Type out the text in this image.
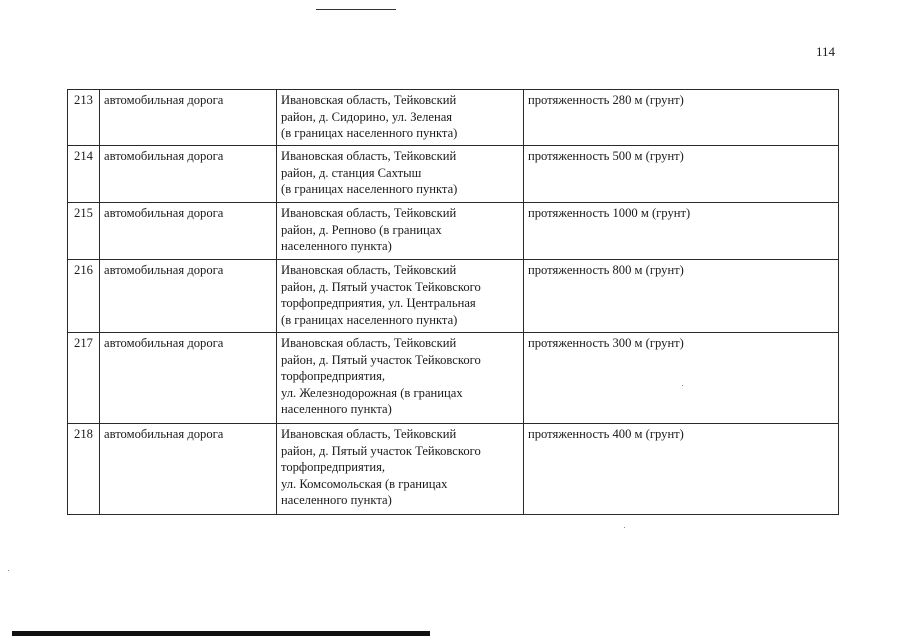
114
213	автомобильная дорога	Ивановская область, Тейковский
район, д. Сидорино, ул. Зеленая
(в границах населенного пункта)	протяженность 280 м (грунт)
214	автомобильная дорога	Ивановская область, Тейковский
район, д. станция Сахтыш
(в границах населенного пункта)	протяженность 500 м (грунт)
215	автомобильная дорога	Ивановская область, Тейковский
район, д. Репново (в границах
населенного пункта)	протяженность 1000 м (грунт)
216	автомобильная дорога	Ивановская область, Тейковский
район, д. Пятый участок Тейковского
торфопредприятия, ул. Центральная
(в границах населенного пункта)	протяженность 800 м (грунт)
217	автомобильная дорога	Ивановская область, Тейковский
район, д. Пятый участок Тейковского
торфопредприятия,
ул. Железнодорожная (в границах
населенного пункта)	протяженность 300 м (грунт)
218	автомобильная дорога	Ивановская область, Тейковский
район, д. Пятый участок Тейковского
торфопредприятия,
ул. Комсомольская (в границах
населенного пункта)	протяженность 400 м (грунт)
